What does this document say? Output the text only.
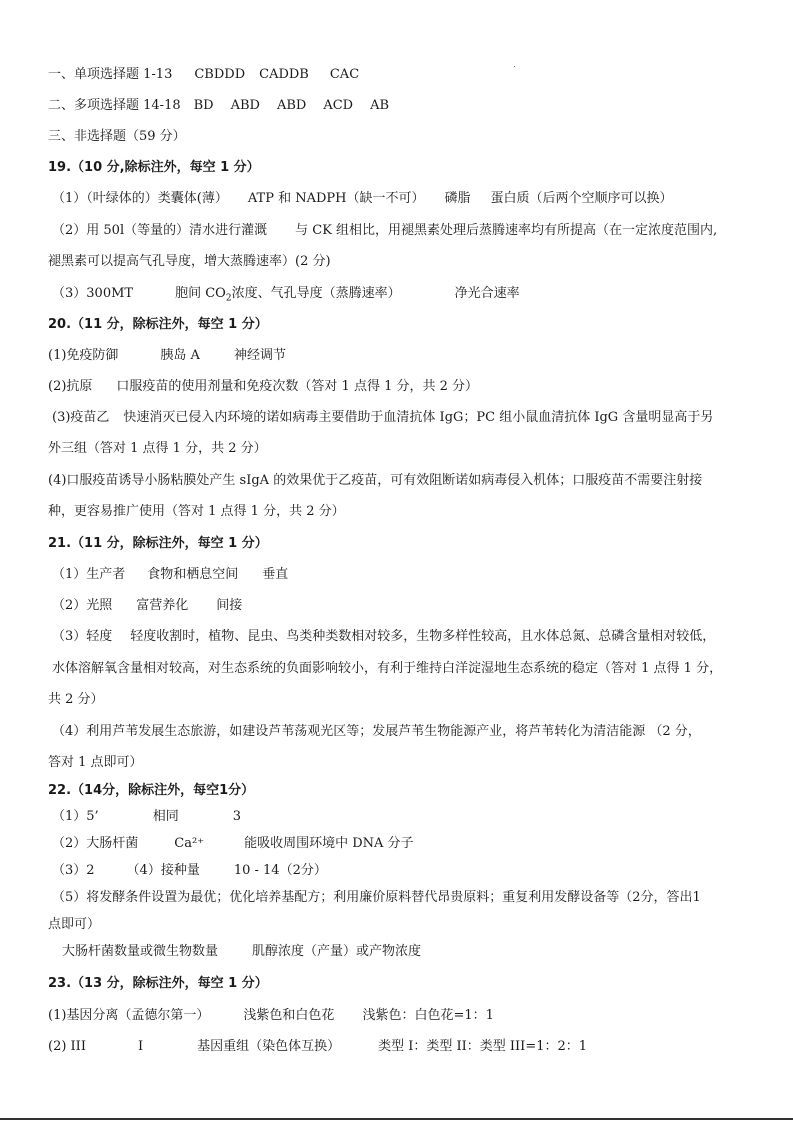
一、单项选择题 1-13 CBDDD CADDB CAC
二、多项选择题 14-18 BD ABD ABD ACD AB
三、非选择题（59 分）
19.（10 分,除标注外，每空 1 分）
（1）（叶绿体的）类囊体(薄） ATP 和 NADPH（缺一不可） 磷脂 蛋白质（后两个空顺序可以换）
（2）用 50l（等量的）清水进行灌溉 与 CK 组相比，用褪黑素处理后蒸腾速率均有所提高（在一定浓度范围内,
褪黑素可以提高气孔导度，增大蒸腾速率）(2 分)
（3）300MT	胞间 $CO_2$浓度、气孔导度（蒸腾速率）	净光合速率
20.（11 分，除标注外，每空 1 分）
(1)免疫防御	胰岛 A	神经调节
(2)抗原 口服疫苗的使用剂量和免疫次数（答对 1 点得 1 分，共 2 分）
(3)疫苗乙 快速消灭已侵入内环境的诺如病毒主要借助于血清抗体 IgG；PC 组小鼠血清抗体 IgG 含量明显高于另
外三组（答对 1 点得 1 分，共 2 分）
(4)口服疫苗诱导小肠粘膜处产生 sIgA 的效果优于乙疫苗，可有效阻断诺如病毒侵入机体；口服疫苗不需要注射接
种，更容易推广使用（答对 1 点得 1 分，共 2 分）
21.（11 分，除标注外，每空 1 分）
（1）生产者 食物和栖息空间 垂直
（2）光照 富营养化 间接
（3）轻度 轻度收割时，植物、昆虫、鸟类种类数相对较多，生物多样性较高，且水体总氮、总磷含量相对较低，
水体溶解氧含量相对较高，对生态系统的负面影响较小，有利于维持白洋淀湿地生态系统的稳定（答对 1 点得 1 分，
共 2 分）
（4）利用芦苇发展生态旅游，如建设芦苇荡观光区等；发展芦苇生物能源产业，将芦苇转化为清洁能源 （2 分，
答对 1 点即可）
22.（14分，除标注外，每空1分）
（1）5’	相同	3
（2）大肠杆菌	Ca²⁺	能吸收周围环境中 DNA 分子
（3）2 （4）接种量	10 - 14（2分）
（5）将发酵条件设置为最优；优化培养基配方；利用廉价原料替代昂贵原料；重复利用发酵设备等（2分，答出1
点即可）
大肠杆菌数量或微生物数量	肌醇浓度（产量）或产物浓度
23.（13 分，除标注外，每空 1 分）
(1)基因分离（孟德尔第一）	浅紫色和白色花 浅紫色：白色花=1：1
(2) III	I	基因重组（染色体互换）	类型 I：类型 II：类型 III=1：2：1
